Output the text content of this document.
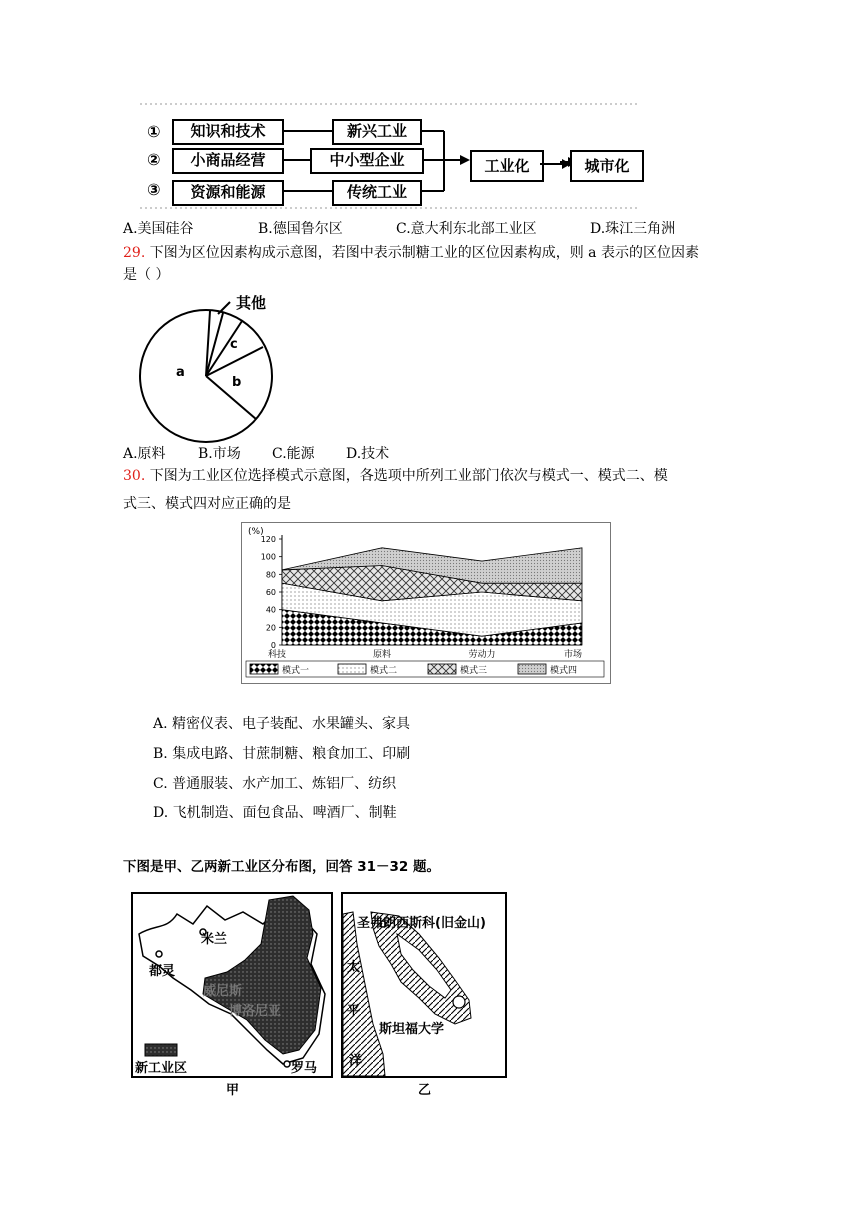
①
②
③
知识和技术
小商品经营
资源和能源
新兴工业
中小型企业
传统工业
工业化	城市化
A.美国硅谷	B.德国鲁尔区	C.意大利东北部工业区	D.珠江三角洲
29. 下图为区位因素构成示意图，若图中表示制糖工业的区位因素构成，则 a 表示的区位因素
是（ ）
其他
a
b
c
A.原料 B.市场 C.能源 D.技术
30. 下图为工业区位选择模式示意图，各选项中所列工业部门依次与模式一、模式二、模
式三、模式四对应正确的是
(%)
0
20
40
60
80
100
120
科技	原料	劳动力	市场
模式一	模式二	模式三	模式四
A. 精密仪表、电子装配、水果罐头、家具
B. 集成电路、甘蔗制糖、粮食加工、印刷
C. 普通服装、水产加工、炼铝厂、纺织
D. 飞机制造、面包食品、啤酒厂、制鞋
下图是甲、乙两新工业区分布图，回答 31－32 题。
米兰
都灵
罗马
威尼斯
博洛尼亚
新工业区
甲
圣弗朗西斯科(旧金山)
太
平
洋
斯坦福大学
乙
